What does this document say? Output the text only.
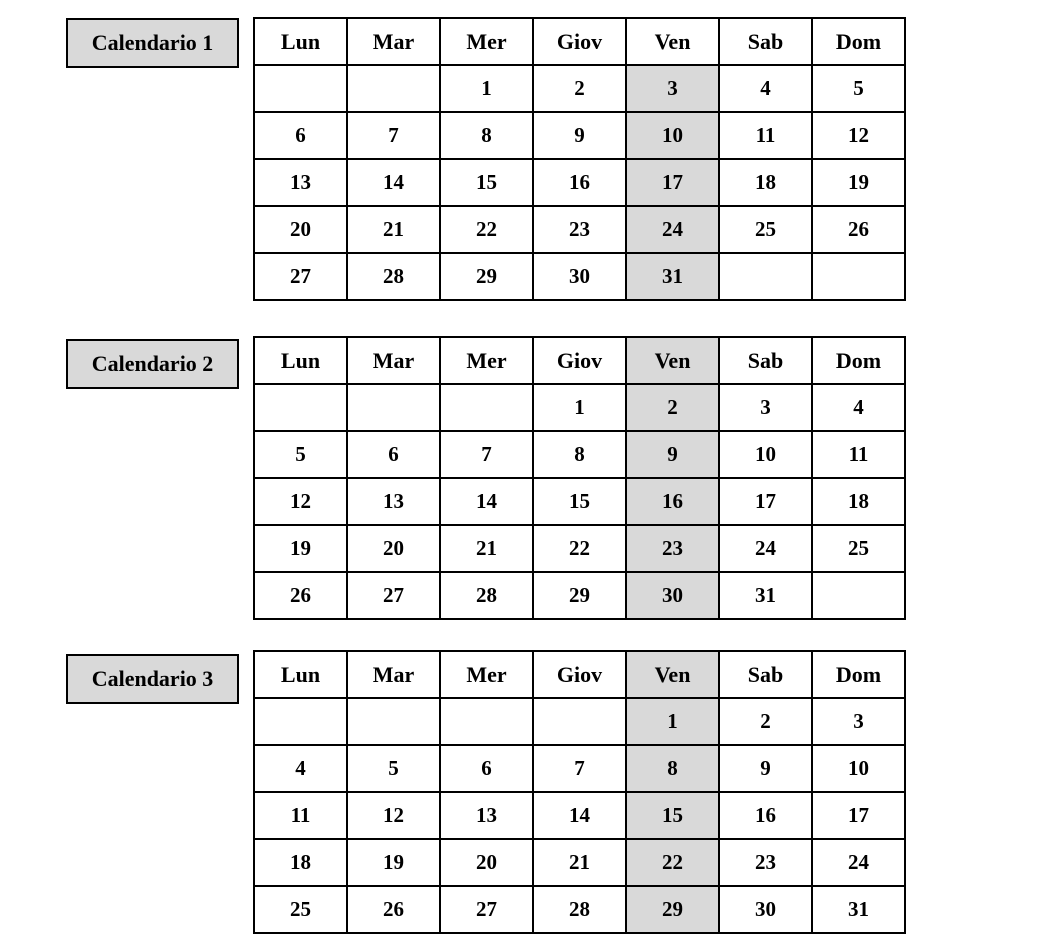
Calendario 1	Lun	Mar	Mer	Giov	Ven	Sab	Dom
		1	2	3	4	5
6	7	8	9	10	11	12
13	14	15	16	17	18	19
20	21	22	23	24	25	26
27	28	29	30	31		
Calendario 2	Lun	Mar	Mer	Giov	Ven	Sab	Dom
			1	2	3	4
5	6	7	8	9	10	11
12	13	14	15	16	17	18
19	20	21	22	23	24	25
26	27	28	29	30	31	
Calendario 3	Lun	Mar	Mer	Giov	Ven	Sab	Dom
				1	2	3
4	5	6	7	8	9	10
11	12	13	14	15	16	17
18	19	20	21	22	23	24
25	26	27	28	29	30	31
